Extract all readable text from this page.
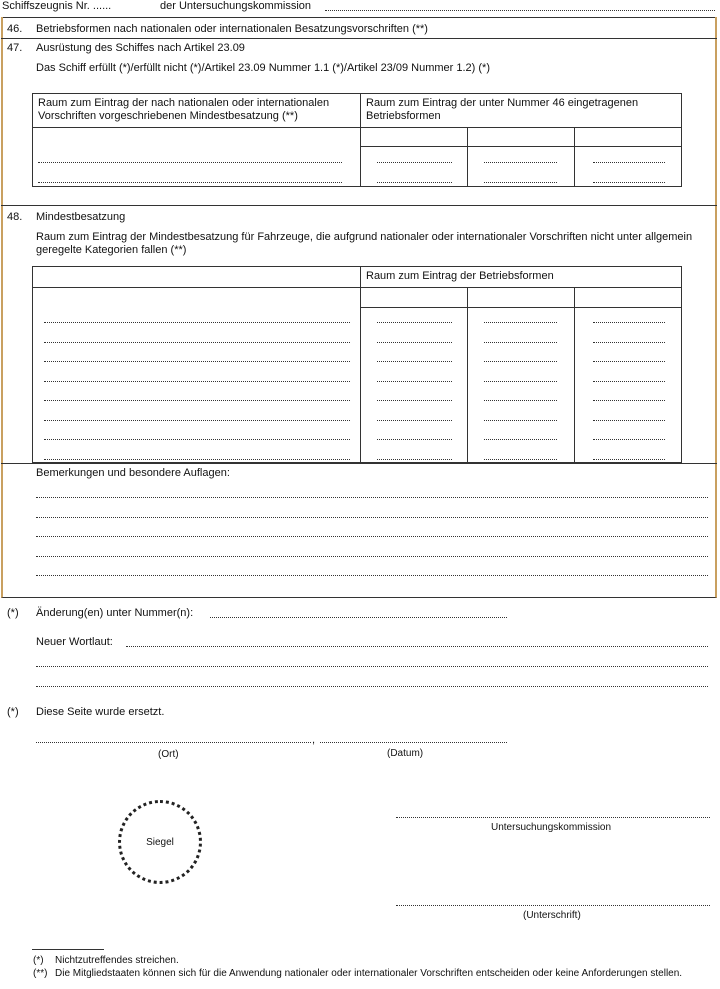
Schiffszeugnis Nr. ......	der Untersuchungskommission
46. Betriebsformen nach nationalen oder internationalen Besatzungsvorschriften (**)
47. Ausrüstung des Schiffes nach Artikel 23.09
Das Schiff erfüllt (*)/erfüllt nicht (*)/Artikel 23.09 Nummer 1.1 (*)/Artikel 23/09 Nummer 1.2) (*)
Raum zum Eintrag der nach nationalen oder internationalen Vorschriften vorgeschriebenen Mindestbesatzung (**)
Raum zum Eintrag der unter Nummer 46 eingetragenen Betriebsformen
48. Mindestbesatzung
Raum zum Eintrag der Mindestbesatzung für Fahrzeuge, die aufgrund nationaler oder internationaler Vorschriften nicht unter allgemein geregelte Kategorien fallen (**)
Raum zum Eintrag der Betriebsformen
Bemerkungen und besondere Auflagen:
(*) Änderung(en) unter Nummer(n):
Neuer Wortlaut:
(*) Diese Seite wurde ersetzt.
,
(Ort)	(Datum)
Siegel
Untersuchungskommission
(Unterschrift)
(*) Nichtzutreffendes streichen.
(**) Die Mitgliedstaaten können sich für die Anwendung nationaler oder internationaler Vorschriften entscheiden oder keine Anforderungen stellen.
